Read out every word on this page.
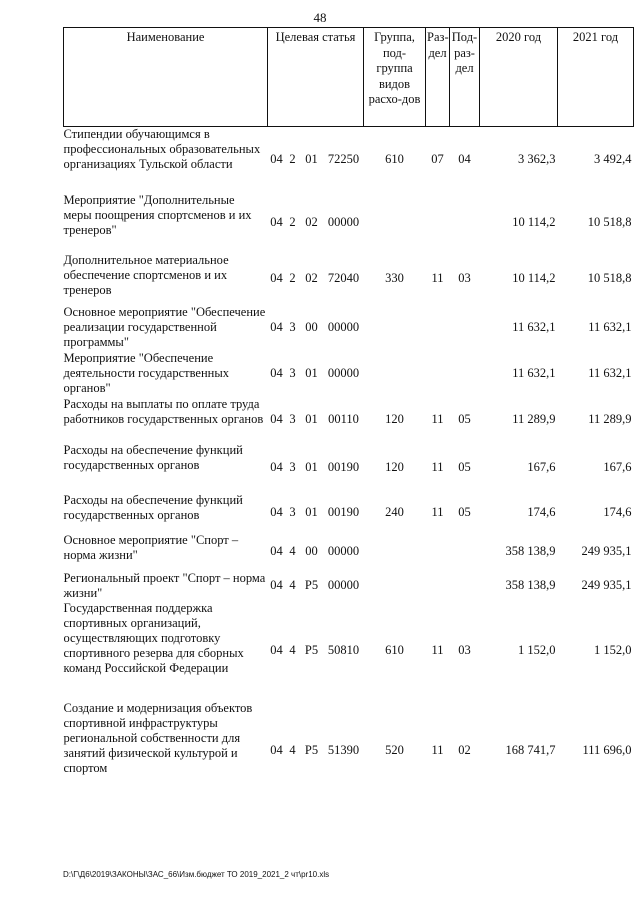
48
Наименование	Целевая статья				Группа, под-группа видов расхо-дов	Раз-дел	Под-раз-дел	2020 год	2021 год
Стипендии обучающимся в профессиональных образовательных организациях Тульской области	04	2	01	72250	610	07	04	3 362,3	3 492,4
Мероприятие "Дополнительные меры поощрения спортсменов и их тренеров"	04	2	02	00000				10 114,2	10 518,8
Дополнительное материальное обеспечение спортсменов и их тренеров	04	2	02	72040	330	11	03	10 114,2	10 518,8
Основное мероприятие "Обеспечение реализации государственной программы"	04	3	00	00000				11 632,1	11 632,1
Мероприятие "Обеспечение деятельности государственных органов"	04	3	01	00000				11 632,1	11 632,1
Расходы на выплаты по оплате труда работников государственных органов	04	3	01	00110	120	11	05	11 289,9	11 289,9
Расходы на обеспечение функций государственных органов	04	3	01	00190	120	11	05	167,6	167,6
Расходы на обеспечение функций государственных органов	04	3	01	00190	240	11	05	174,6	174,6
Основное мероприятие "Спорт – норма жизни"	04	4	00	00000				358 138,9	249 935,1
Региональный проект "Спорт – норма жизни"	04	4	P5	00000				358 138,9	249 935,1
Государственная поддержка спортивных организаций, осуществляющих подготовку спортивного резерва для сборных команд Российской Федерации	04	4	P5	50810	610	11	03	1 152,0	1 152,0
Создание и модернизация объектов спортивной инфраструктуры региональной собственности для занятий физической культурой и спортом	04	4	P5	51390	520	11	02	168 741,7	111 696,0
D:\Г\Д6\2019\ЗАКОНЫ\ЗАС_66\Изм.бюджет ТО 2019_2021_2 чт\рr10.xls
